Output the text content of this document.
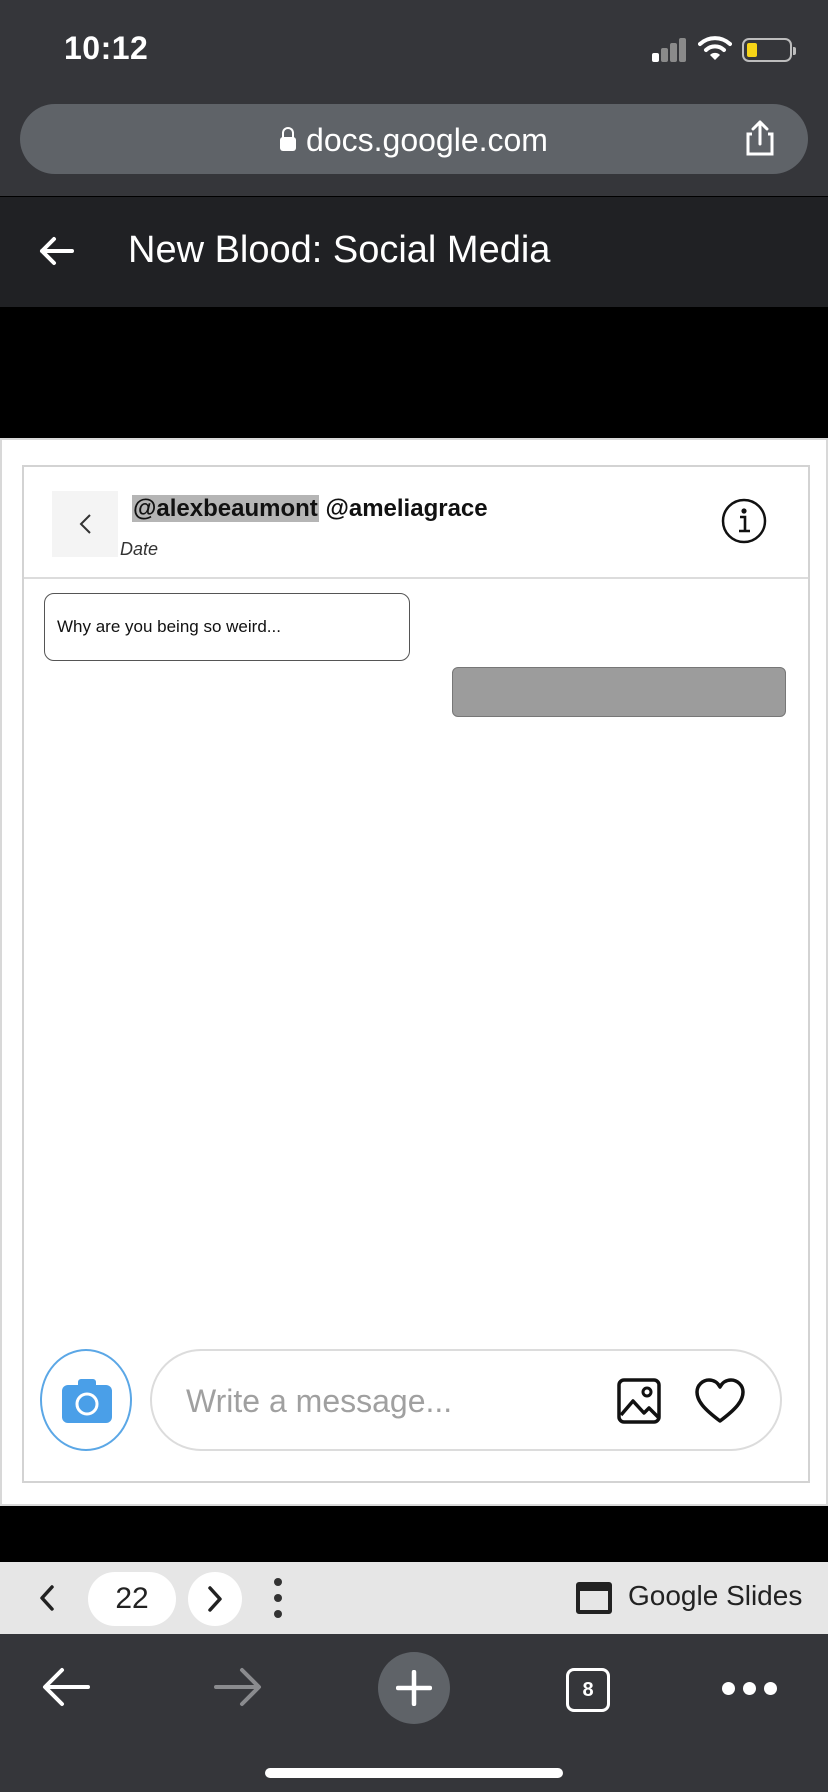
10:12
docs.google.com
New Blood: Social Media
@alexbeaumont @ameliagrace
Date
Why are you being so weird...
Write a message...
22	Google Slides
8
